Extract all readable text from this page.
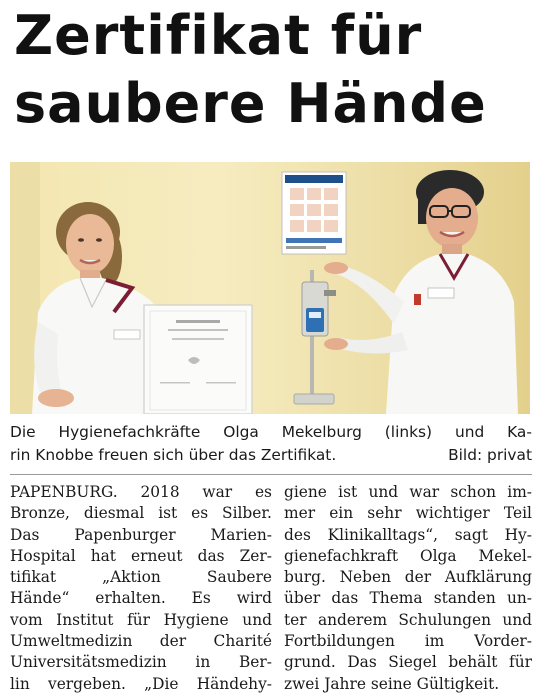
Zertifikat für
saubere Hände
Die Hygienefachkräfte Olga Mekelburg (links) und Ka-
rin Knobbe freuen sich über das Zertifikat.	Bild: privat
PAPENBURG. 2018 war es
Bronze, diesmal ist es Silber.
Das Papenburger Marien-
Hospital hat erneut das Zer-
tifikat	„Aktion	Saubere
Hände“ erhalten. Es wird
vom Institut für Hygiene und
Umweltmedizin der Charité
Universitätsmedizin in Ber-
lin vergeben. „Die Händehy-
giene ist und war schon im-
mer ein sehr wichtiger Teil
des Klinikalltags“, sagt Hy-
gienefachkraft Olga Mekel-
burg. Neben der Aufklärung
über das Thema standen un-
ter anderem Schulungen und
Fortbildungen im Vorder-
grund. Das Siegel behält für
zwei Jahre seine Gültigkeit.
